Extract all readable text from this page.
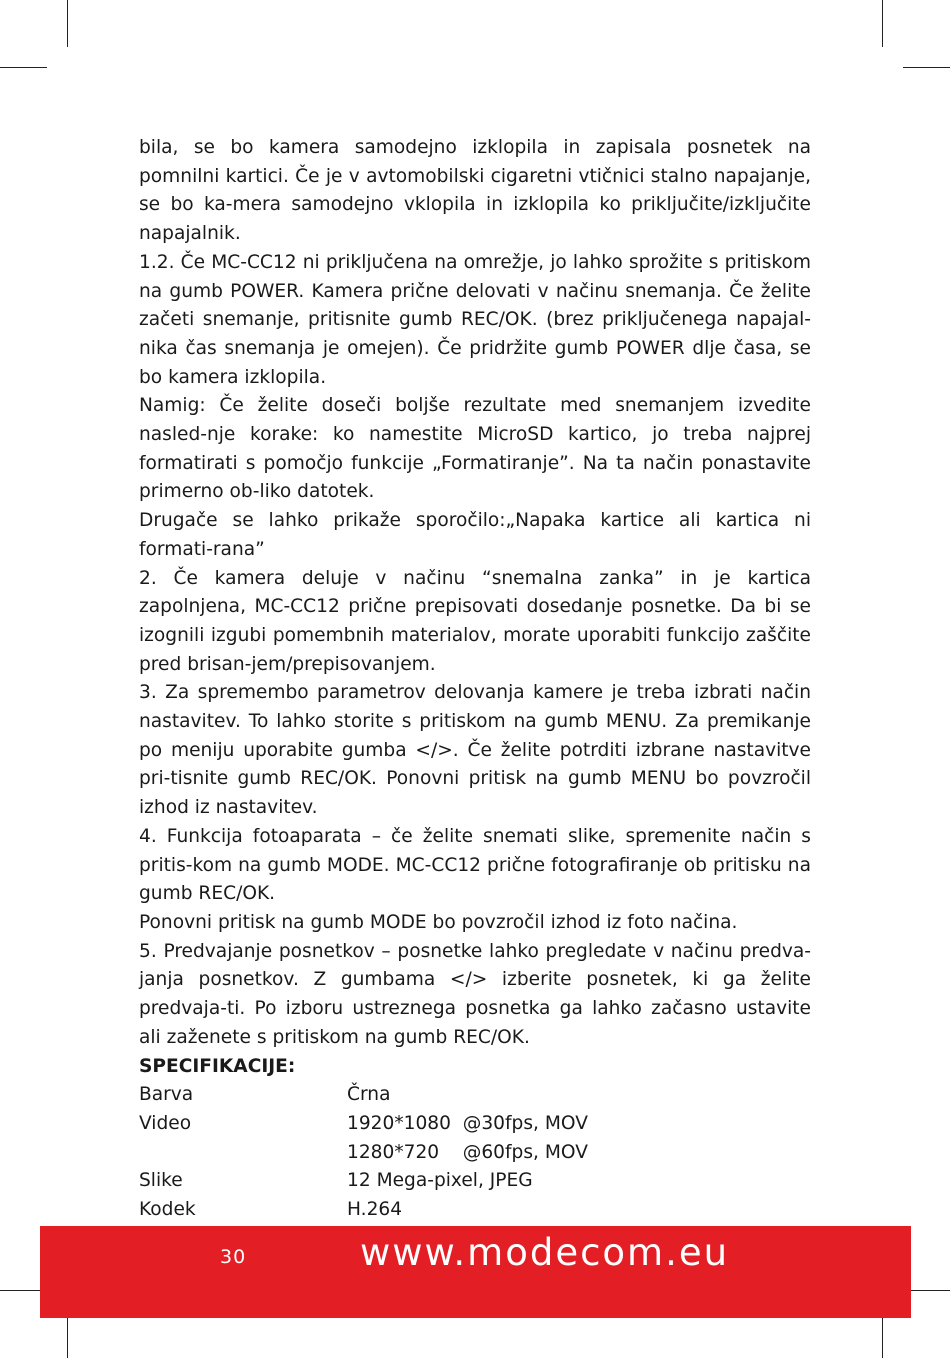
bila, se bo kamera samodejno izklopila in zapisala posnetek na pomnilni kartici. Če je v avtomobilski cigaretni vtičnici stalno napajanje, se bo ka-mera samodejno vklopila in izklopila ko priključite/izključite napajalnik.

1.2. Če MC-CC12 ni priključena na omrežje, jo lahko sprožite s pritiskom na gumb POWER. Kamera prične delovati v načinu snemanja. Če želite začeti snemanje, pritisnite gumb REC/OK. (brez priključenega napajal-nika čas snemanja je omejen). Če pridržite gumb POWER dlje časa, se bo kamera izklopila.

Namig: Če želite doseči boljše rezultate med snemanjem izvedite nasled-nje korake: ko namestite MicroSD kartico, jo treba najprej formatirati s pomočjo funkcije „Formatiranje”. Na ta način ponastavite primerno ob-liko datotek.

Drugače se lahko prikaže sporočilo:„Napaka kartice ali kartica ni formati-rana”

2. Če kamera deluje v načinu “snemalna zanka” in je kartica zapolnjena, MC-CC12 prične prepisovati dosedanje posnetke. Da bi se izognili izgubi pomembnih materialov, morate uporabiti funkcijo zaščite pred brisan-jem/prepisovanjem.

3. Za spremembo parametrov delovanja kamere je treba izbrati način nastavitev. To lahko storite s pritiskom na gumb MENU. Za premikanje po meniju uporabite gumba </>. Če želite potrditi izbrane nastavitve pri-tisnite gumb REC/OK. Ponovni pritisk na gumb MENU bo povzročil izhod iz nastavitev.

4. Funkcija fotoaparata – če želite snemati slike, spremenite način s pritis-kom na gumb MODE. MC-CC12 prične fotografiranje ob pritisku na gumb REC/OK.

Ponovni pritisk na gumb MODE bo povzročil izhod iz foto načina.

5. Predvajanje posnetkov – posnetke lahko pregledate v načinu predva-janja posnetkov. Z gumbama </> izberite posnetek, ki ga želite predvaja-ti. Po izboru ustreznega posnetka ga lahko začasno ustavite ali zaženete s pritiskom na gumb REC/OK.

SPECIFIKACIJE:

Barva	Črna
Video	1920*1080  @30fps, MOV
1280*720    @60fps, MOV
Slike	12 Mega-pixel, JPEG
Kodek	H.264
30	www.modecom.eu
